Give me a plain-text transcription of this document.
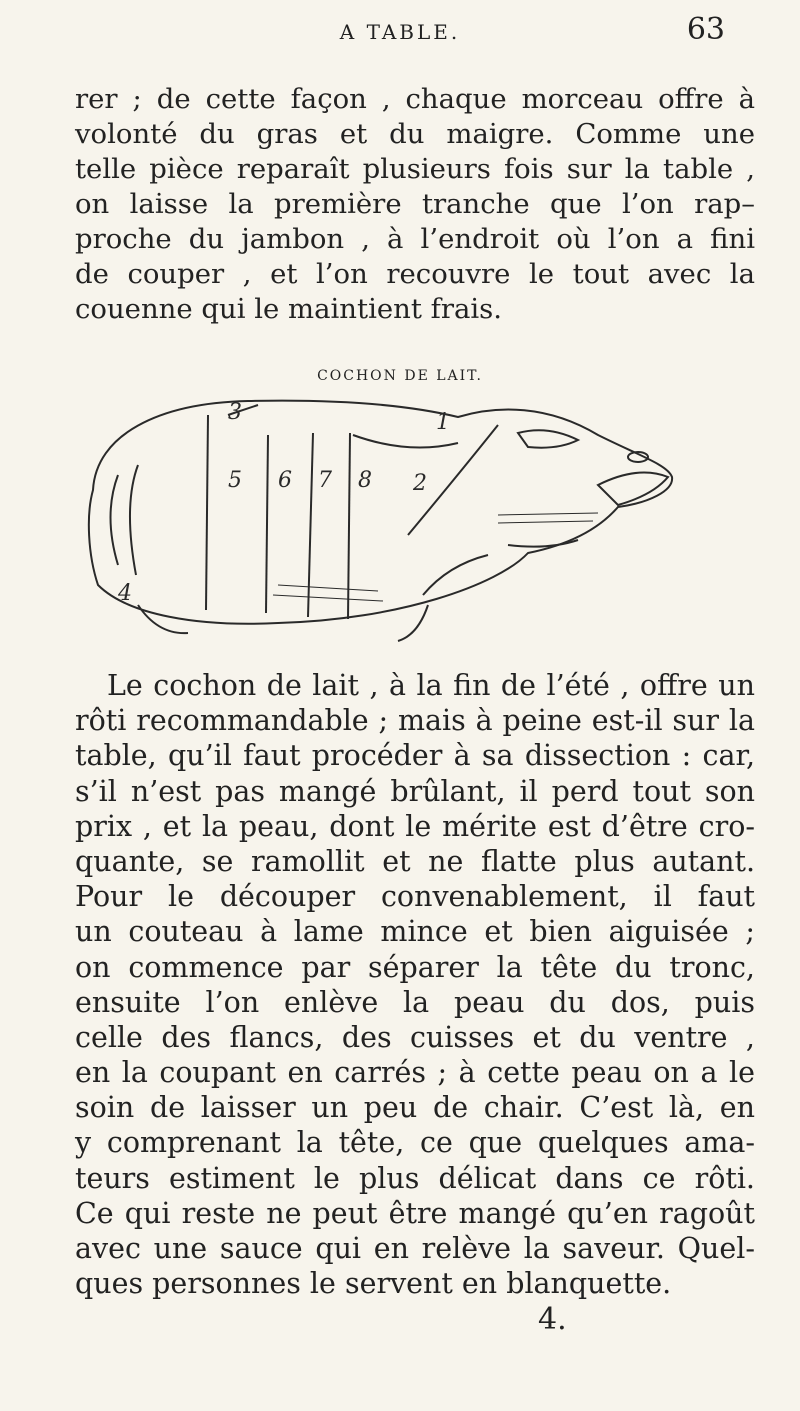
A TABLE.	63
rer ; de cette façon , chaque morceau offre à
volonté du gras et du maigre. Comme une
telle pièce reparaît plusieurs fois sur la table ,
on laisse la première tranche que l’on rap–
proche du jambon , à l’endroit où l’on a fini
de couper , et l’on recouvre le tout avec la
couenne qui le maintient frais.
COCHON DE LAIT.
1
2
3
4
5 6 7 8
Le cochon de lait , à la fin de l’été , offre un
rôti recommandable ; mais à peine est-il sur la
table, qu’il faut procéder à sa dissection : car,
s’il n’est pas mangé brûlant, il perd tout son
prix , et la peau, dont le mérite est d’être cro-
quante, se ramollit et ne flatte plus autant.
Pour le découper convenablement, il faut
un couteau à lame mince et bien aiguisée ;
on commence par séparer la tête du tronc,
ensuite l’on enlève la peau du dos, puis
celle des flancs, des cuisses et du ventre ,
en la coupant en carrés ; à cette peau on a le
soin de laisser un peu de chair. C’est là, en
y comprenant la tête, ce que quelques ama-
teurs estiment le plus délicat dans ce rôti.
Ce qui reste ne peut être mangé qu’en ragoût
avec une sauce qui en relève la saveur. Quel-
ques personnes le servent en blanquette.
4.
